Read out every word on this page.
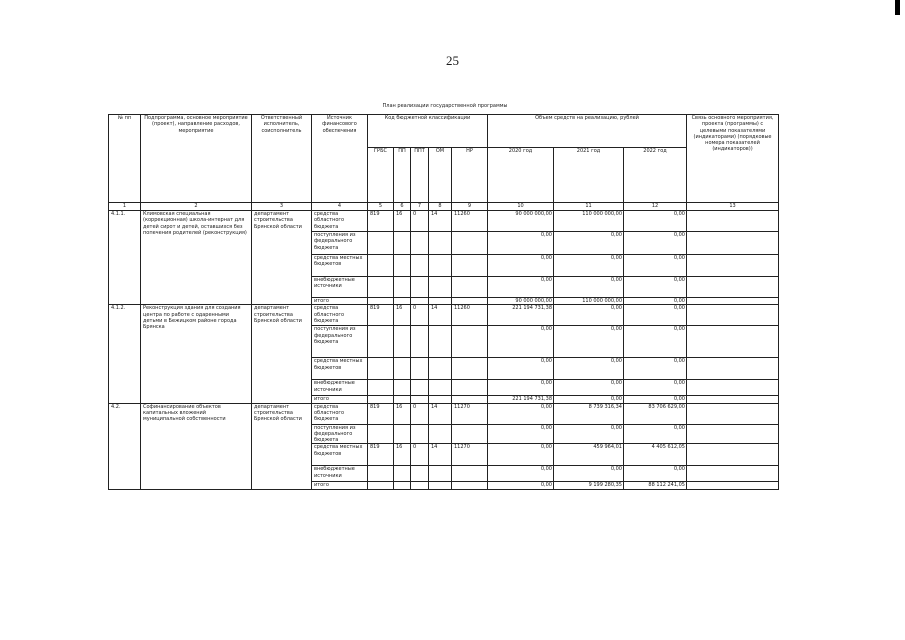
25
План реализации государственной программы
№ пп	Подпрограмма, основное мероприятие (проект), направление расходов, мероприятие	Ответственный исполнитель, соисполнитель	Источник финансового обеспечения	Код бюджетной классификации					Объем средств на реализацию, рублей			Связь основного мероприятия, проекта (программы) с целевыми показателями (индикаторами) (порядковые номера показателей (индикаторов))
				ГРБС	ПП	ППТ	ОМ	НР	2020 год	2021 год	2022 год	
1	2	3	4	5	6	7	8	9	10	11	12	13
4.1.1.	Климовская специальная (коррекционная) школа-интернат для детей сирот и детей, оставшихся без попечения родителей (реконструкция)	департамент строительства Брянской области	средства областного бюджета	819	16	0	14	11260	90 000 000,00	110 000 000,00	0,00	
			поступления из федерального бюджета						0,00	0,00	0,00	
			средства местных бюджетов						0,00	0,00	0,00	
			внебюджетные источники						0,00	0,00	0,00	
			итого						90 000 000,00	110 000 000,00	0,00	
4.1.2.	Реконструкция здания для создания центра по работе с одаренными детьми в Бежицком районе города Брянска	департамент строительства Брянской области	средства областного бюджета	819	16	0	14	11260	221 194 731,38	0,00	0,00	
			поступления из федерального бюджета						0,00	0,00	0,00	
			средства местных бюджетов						0,00	0,00	0,00	
			внебюджетные источники						0,00	0,00	0,00	
			итого						221 194 731,38	0,00	0,00	
4.2.	Софинансирование объектов капитальных вложений муниципальной собственности	департамент строительства Брянской области	средства областного бюджета	819	16	0	14	11270	0,00	8 739 316,34	83 706 629,00	
			поступления из федерального бюджета						0,00	0,00	0,00	
			средства местных бюджетов	819	16	0	14	11270	0,00	459 964,01	4 405 612,05	
			внебюджетные источники						0,00	0,00	0,00	
			итого						0,00	9 199 280,35	88 112 241,05	
